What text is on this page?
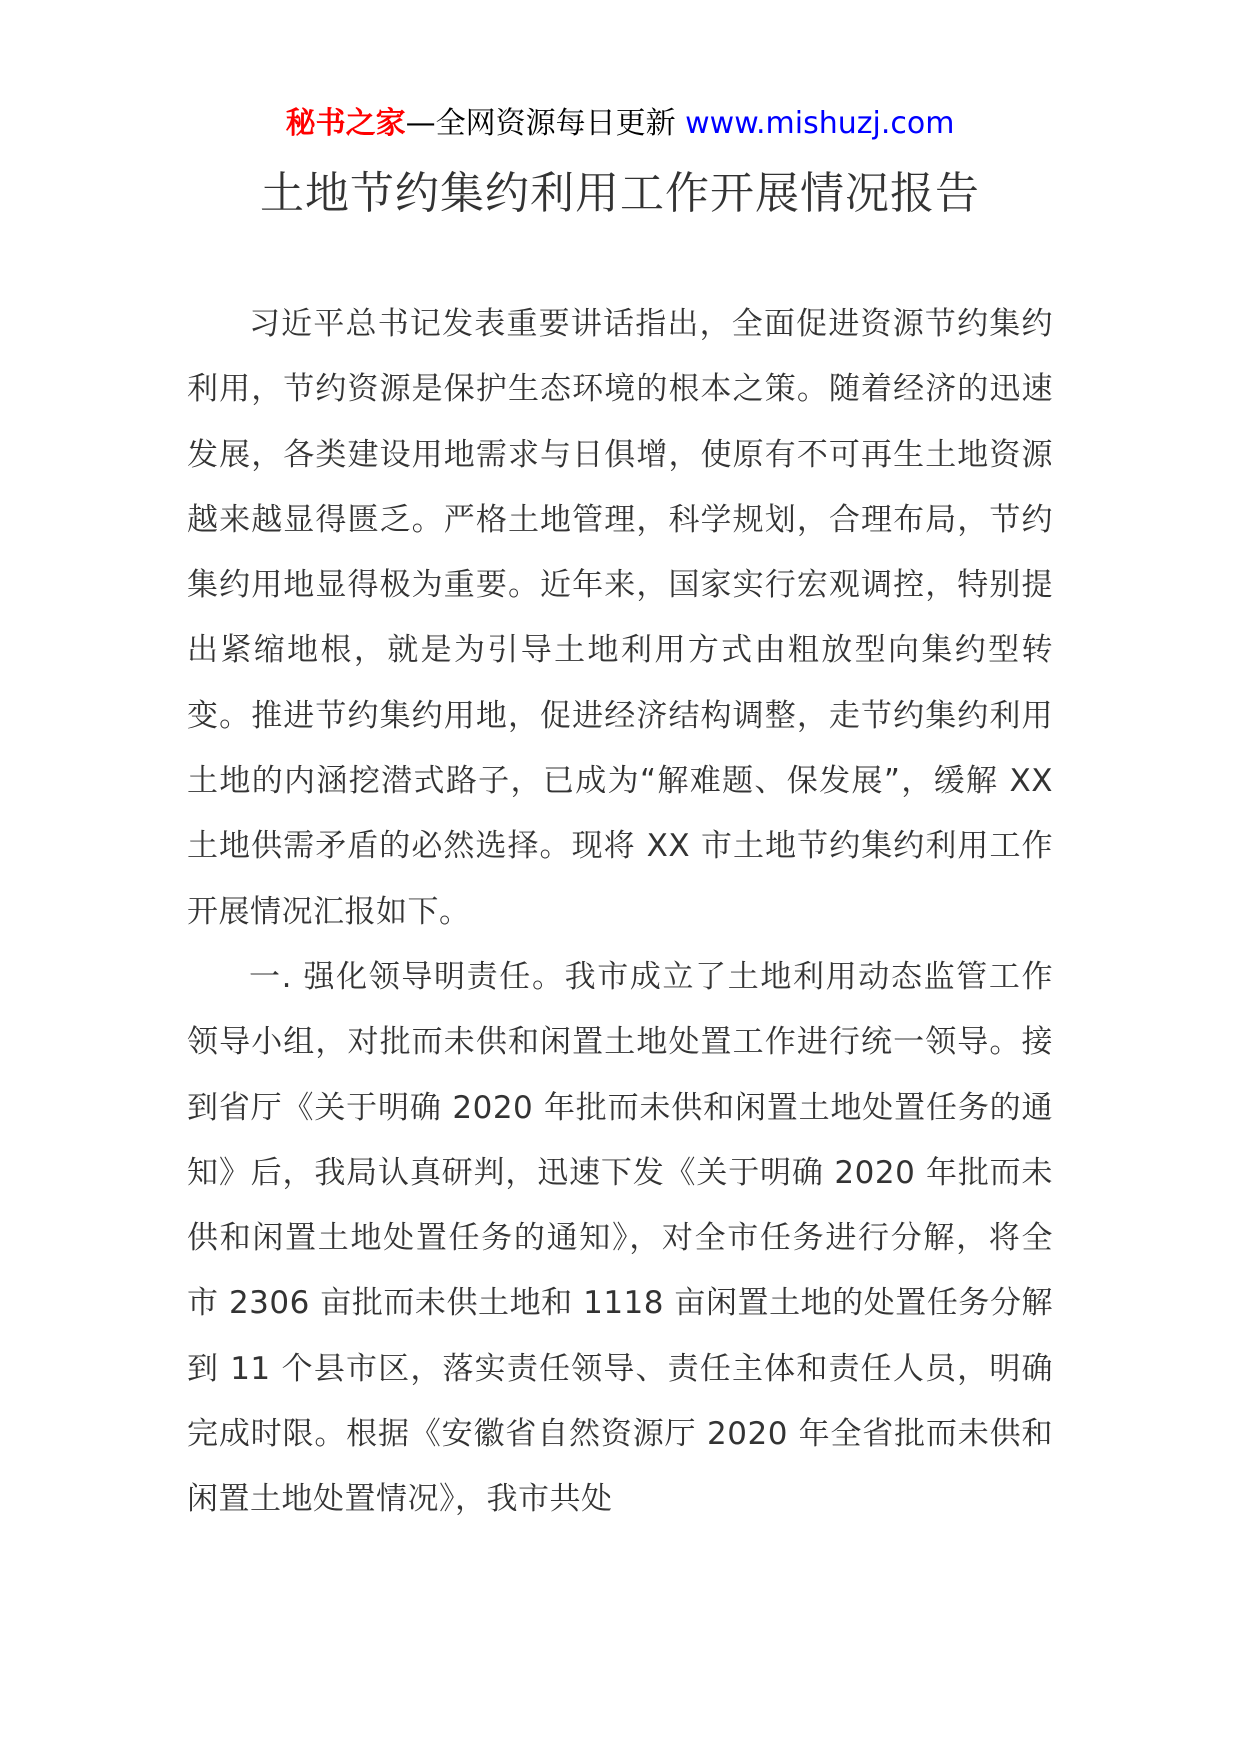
秘书之家—全网资源每日更新 www.mishuzj.com
土地节约集约利用工作开展情况报告

习近平总书记发表重要讲话指出，全面促进资源节约集约利用，节约资源是保护生态环境的根本之策。随着经济的迅速发展，各类建设用地需求与日俱增，使原有不可再生土地资源越来越显得匮乏。严格土地管理，科学规划，合理布局，节约集约用地显得极为重要。近年来，国家实行宏观调控，特别提出紧缩地根，就是为引导土地利用方式由粗放型向集约型转变。推进节约集约用地，促进经济结构调整，走节约集约利用土地的内涵挖潜式路子，已成为“解难题、保发展”，缓解 XX 土地供需矛盾的必然选择。现将 XX 市土地节约集约利用工作开展情况汇报如下。

一. 强化领导明责任。我市成立了土地利用动态监管工作领导小组，对批而未供和闲置土地处置工作进行统一领导。接到省厅《关于明确 2020 年批而未供和闲置土地处置任务的通知》后，我局认真研判，迅速下发《关于明确 2020 年批而未供和闲置土地处置任务的通知》，对全市任务进行分解，将全市 2306 亩批而未供土地和 1118 亩闲置土地的处置任务分解到 11 个县市区，落实责任领导、责任主体和责任人员，明确完成时限。根据《安徽省自然资源厅 2020 年全省批而未供和闲置土地处置情况》，我市共处
